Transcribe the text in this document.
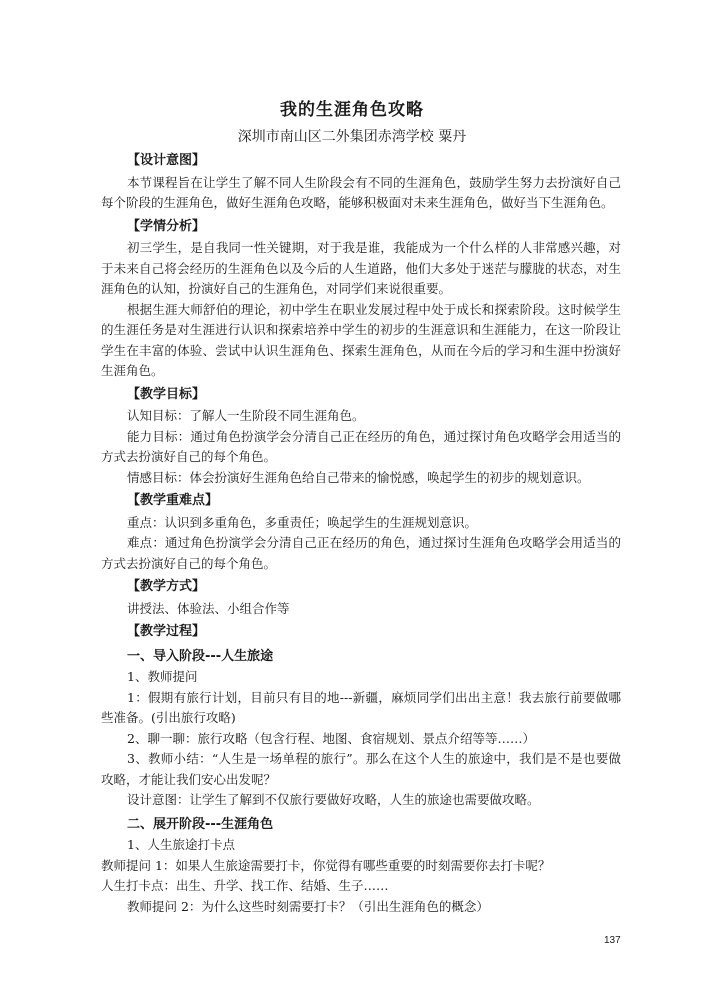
我的生涯角色攻略
深圳市南山区二外集团赤湾学校 粟丹
【设计意图】

本节课程旨在让学生了解不同人生阶段会有不同的生涯角色，鼓励学生努力去扮演好自己每个阶段的生涯角色，做好生涯角色攻略，能够积极面对未来生涯角色，做好当下生涯角色。

【学情分析】

初三学生，是自我同一性关键期，对于我是谁，我能成为一个什么样的人非常感兴趣，对于未来自己将会经历的生涯角色以及今后的人生道路，他们大多处于迷茫与朦胧的状态，对生涯角色的认知，扮演好自己的生涯角色，对同学们来说很重要。

根据生涯大师舒伯的理论，初中学生在职业发展过程中处于成长和探索阶段。这时候学生的生涯任务是对生涯进行认识和探索培养中学生的初步的生涯意识和生涯能力，在这一阶段让学生在丰富的体验、尝试中认识生涯角色、探索生涯角色，从而在今后的学习和生涯中扮演好生涯角色。

【教学目标】

认知目标：了解人一生阶段不同生涯角色。

能力目标：通过角色扮演学会分清自己正在经历的角色，通过探讨角色攻略学会用适当的方式去扮演好自己的每个角色。

情感目标：体会扮演好生涯角色给自己带来的愉悦感，唤起学生的初步的规划意识。

【教学重难点】

重点：认识到多重角色，多重责任；唤起学生的生涯规划意识。

难点：通过角色扮演学会分清自己正在经历的角色，通过探讨生涯角色攻略学会用适当的方式去扮演好自己的每个角色。

【教学方式】

讲授法、体验法、小组合作等

【教学过程】
一、导入阶段---人生旅途

1、教师提问

1：假期有旅行计划，目前只有目的地---新疆，麻烦同学们出出主意！我去旅行前要做哪些准备。(引出旅行攻略)

2、聊一聊：旅行攻略（包含行程、地图、食宿规划、景点介绍等等……）

3、教师小结：“人生是一场单程的旅行”。那么在这个人生的旅途中，我们是不是也要做攻略，才能让我们安心出发呢？

设计意图：让学生了解到不仅旅行要做好攻略，人生的旅途也需要做攻略。

二、展开阶段---生涯角色

1、人生旅途打卡点

教师提问 1：如果人生旅途需要打卡，你觉得有哪些重要的时刻需要你去打卡呢？

人生打卡点：出生、升学、找工作、结婚、生子……

教师提问 2：为什么这些时刻需要打卡？（引出生涯角色的概念）

137
